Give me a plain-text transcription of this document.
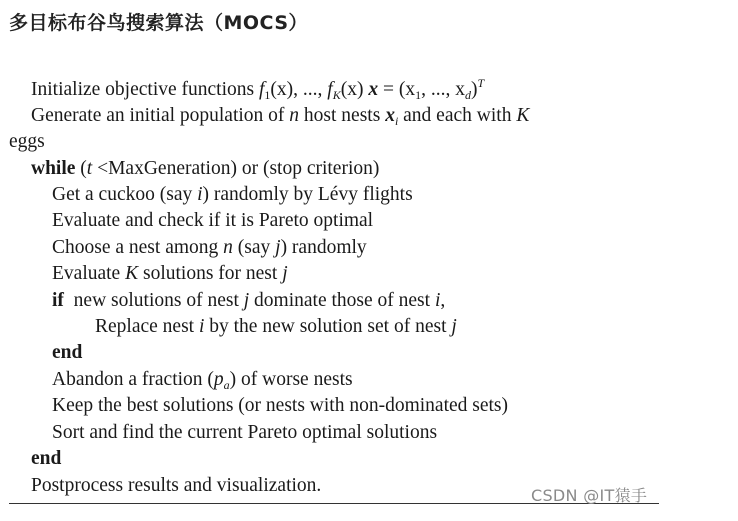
多目标布谷鸟搜索算法（MOCS）
Initialize objective functions $f_1(x)$, ..., $f_K(x) x = (x_1$, ..., $x_d)^T$
Generate an initial population of n host nests $x_i$ and each with K
eggs
while (t <MaxGeneration) or (stop criterion)
Get a cuckoo (say i) randomly by Lévy flights
Evaluate and check if it is Pareto optimal
Choose a nest among n (say j) randomly
Evaluate K solutions for nest j
if  new solutions of nest j dominate those of nest i,
Replace nest i by the new solution set of nest j
end
Abandon a fraction $(p_a)$ of worse nests
Keep the best solutions (or nests with non-dominated sets)
Sort and find the current Pareto optimal solutions
end
Postprocess results and visualization.	CSDN @IT猿手
